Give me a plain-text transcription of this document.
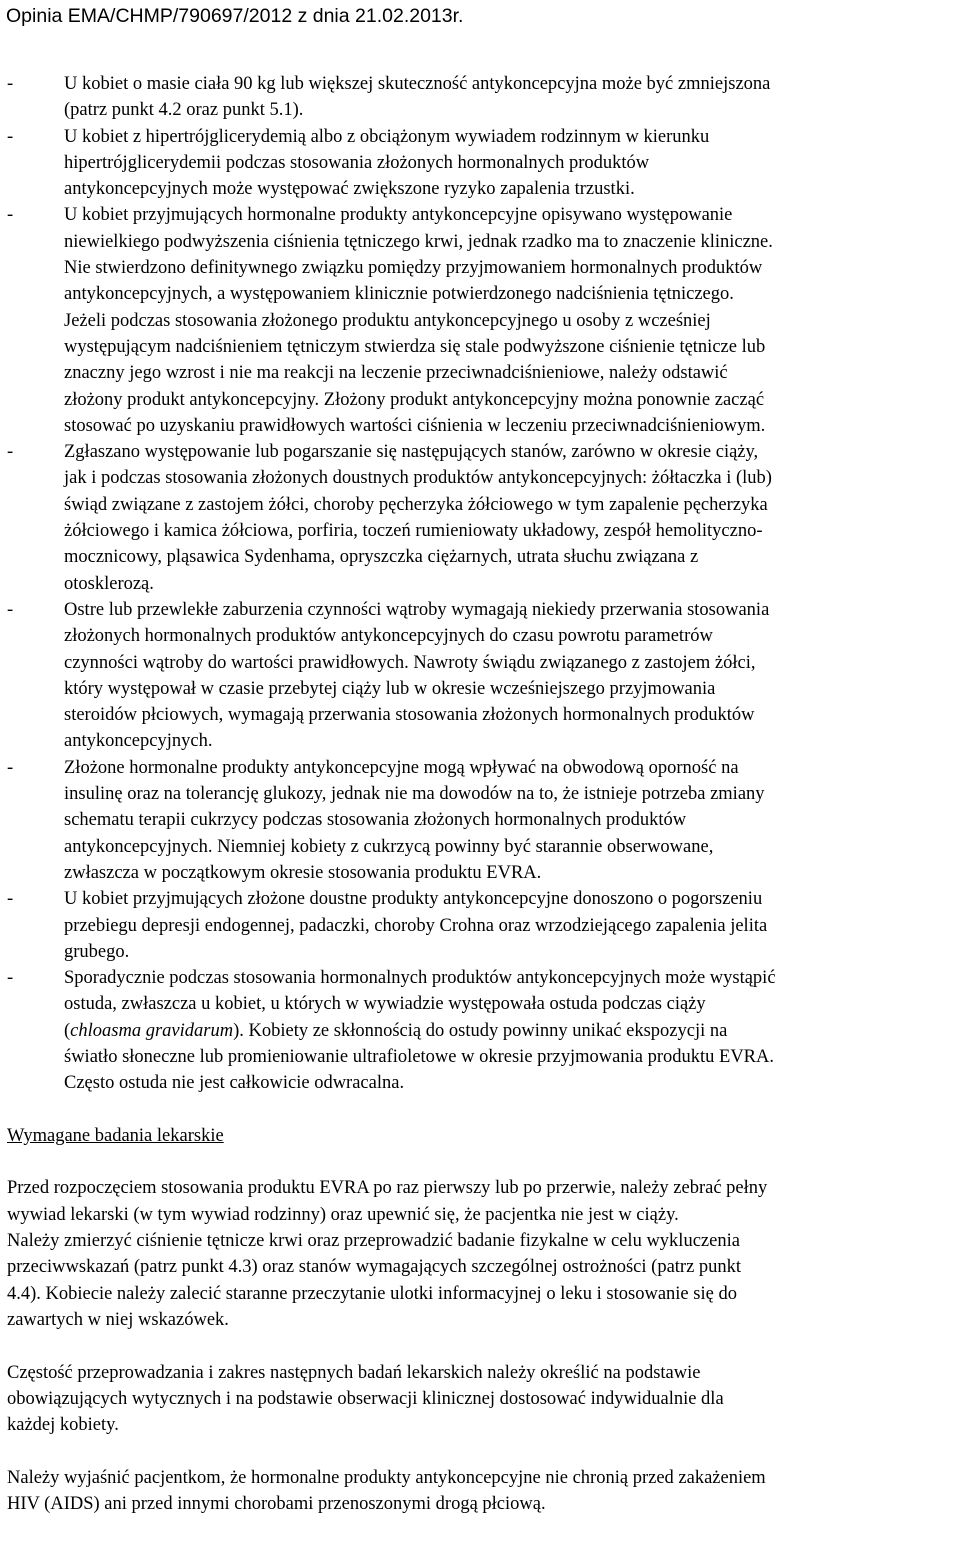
Opinia EMA/CHMP/790697/2012 z dnia 21.02.2013r.
-	U kobiet o masie ciała 90 kg lub większej skuteczność antykoncepcyjna może być zmniejszona
(patrz punkt 4.2 oraz punkt 5.1).
-	U kobiet z hipertrójglicerydemią albo z obciążonym wywiadem rodzinnym w kierunku
hipertrójglicerydemii podczas stosowania złożonych hormonalnych produktów
antykoncepcyjnych może występować zwiększone ryzyko zapalenia trzustki.
-	U kobiet przyjmujących hormonalne produkty antykoncepcyjne opisywano występowanie
niewielkiego podwyższenia ciśnienia tętniczego krwi, jednak rzadko ma to znaczenie kliniczne.
Nie stwierdzono definitywnego związku pomiędzy przyjmowaniem hormonalnych produktów
antykoncepcyjnych, a występowaniem klinicznie potwierdzonego nadciśnienia tętniczego.
Jeżeli podczas stosowania złożonego produktu antykoncepcyjnego u osoby z wcześniej
występującym nadciśnieniem tętniczym stwierdza się stale podwyższone ciśnienie tętnicze lub
znaczny jego wzrost i nie ma reakcji na leczenie przeciwnadciśnieniowe, należy odstawić
złożony produkt antykoncepcyjny. Złożony produkt antykoncepcyjny można ponownie zacząć
stosować po uzyskaniu prawidłowych wartości ciśnienia w leczeniu przeciwnadciśnieniowym.
-	Zgłaszano występowanie lub pogarszanie się następujących stanów, zarówno w okresie ciąży,
jak i podczas stosowania złożonych doustnych produktów antykoncepcyjnych: żółtaczka i (lub)
świąd związane z zastojem żółci, choroby pęcherzyka żółciowego w tym zapalenie pęcherzyka
żółciowego i kamica żółciowa, porfiria, toczeń rumieniowaty układowy, zespół hemolityczno-
mocznicowy, pląsawica Sydenhama, opryszczka ciężarnych, utrata słuchu związana z
otosklerozą.
-	Ostre lub przewlekłe zaburzenia czynności wątroby wymagają niekiedy przerwania stosowania
złożonych hormonalnych produktów antykoncepcyjnych do czasu powrotu parametrów
czynności wątroby do wartości prawidłowych. Nawroty świądu związanego z zastojem żółci,
który występował w czasie przebytej ciąży lub w okresie wcześniejszego przyjmowania
steroidów płciowych, wymagają przerwania stosowania złożonych hormonalnych produktów
antykoncepcyjnych.
-	Złożone hormonalne produkty antykoncepcyjne mogą wpływać na obwodową oporność na
insulinę oraz na tolerancję glukozy, jednak nie ma dowodów na to, że istnieje potrzeba zmiany
schematu terapii cukrzycy podczas stosowania złożonych hormonalnych produktów
antykoncepcyjnych. Niemniej kobiety z cukrzycą powinny być starannie obserwowane,
zwłaszcza w początkowym okresie stosowania produktu EVRA.
-	U kobiet przyjmujących złożone doustne produkty antykoncepcyjne donoszono o pogorszeniu
przebiegu depresji endogennej, padaczki, choroby Crohna oraz wrzodziejącego zapalenia jelita
grubego.
-	Sporadycznie podczas stosowania hormonalnych produktów antykoncepcyjnych może wystąpić
ostuda, zwłaszcza u kobiet, u których w wywiadzie występowała ostuda podczas ciąży
(chloasma gravidarum). Kobiety ze skłonnością do ostudy powinny unikać ekspozycji na
światło słoneczne lub promieniowanie ultrafioletowe w okresie przyjmowania produktu EVRA.
Często ostuda nie jest całkowicie odwracalna.
Wymagane badania lekarskie
Przed rozpoczęciem stosowania produktu EVRA po raz pierwszy lub po przerwie, należy zebrać pełny
wywiad lekarski (w tym wywiad rodzinny) oraz upewnić się, że pacjentka nie jest w ciąży.
Należy zmierzyć ciśnienie tętnicze krwi oraz przeprowadzić badanie fizykalne w celu wykluczenia
przeciwwskazań (patrz punkt 4.3) oraz stanów wymagających szczególnej ostrożności (patrz punkt
4.4). Kobiecie należy zalecić staranne przeczytanie ulotki informacyjnej o leku i stosowanie się do
zawartych w niej wskazówek.
Częstość przeprowadzania i zakres następnych badań lekarskich należy określić na podstawie
obowiązujących wytycznych i na podstawie obserwacji klinicznej dostosować indywidualnie dla
każdej kobiety.
Należy wyjaśnić pacjentkom, że hormonalne produkty antykoncepcyjne nie chronią przed zakażeniem
HIV (AIDS) ani przed innymi chorobami przenoszonymi drogą płciową.
